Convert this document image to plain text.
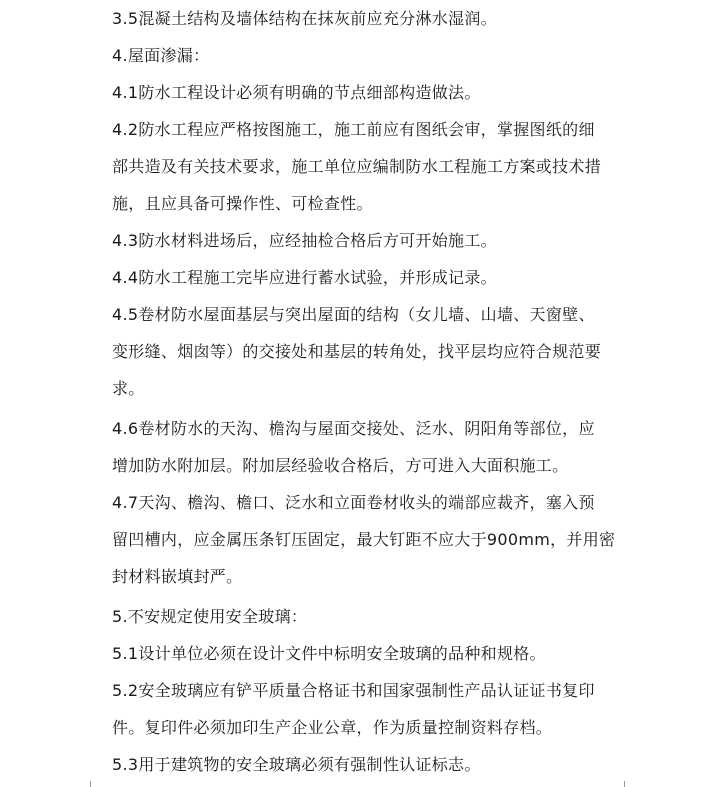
3.5混凝土结构及墙体结构在抹灰前应充分淋水湿润。
4.屋面渗漏：
4.1防水工程设计必须有明确的节点细部构造做法。
4.2防水工程应严格按图施工，施工前应有图纸会审，掌握图纸的细
部共造及有关技术要求，施工单位应编制防水工程施工方案或技术措
施，且应具备可操作性、可检查性。
4.3防水材料进场后，应经抽检合格后方可开始施工。
4.4防水工程施工完毕应进行蓄水试验，并形成记录。
4.5卷材防水屋面基层与突出屋面的结构（女儿墙、山墙、天窗壁、
变形缝、烟囱等）的交接处和基层的转角处，找平层均应符合规范要
求。
4.6卷材防水的天沟、檐沟与屋面交接处、泛水、阴阳角等部位，应
增加防水附加层。附加层经验收合格后，方可进入大面积施工。
4.7天沟、檐沟、檐口、泛水和立面卷材收头的端部应裁齐，塞入预
留凹槽内，应金属压条钉压固定，最大钉距不应大于900mm，并用密
封材料嵌填封严。
5.不安规定使用安全玻璃：
5.1设计单位必须在设计文件中标明安全玻璃的品种和规格。
5.2安全玻璃应有铲平质量合格证书和国家强制性产品认证证书复印
件。复印件必须加印生产企业公章，作为质量控制资料存档。
5.3用于建筑物的安全玻璃必须有强制性认证标志。
